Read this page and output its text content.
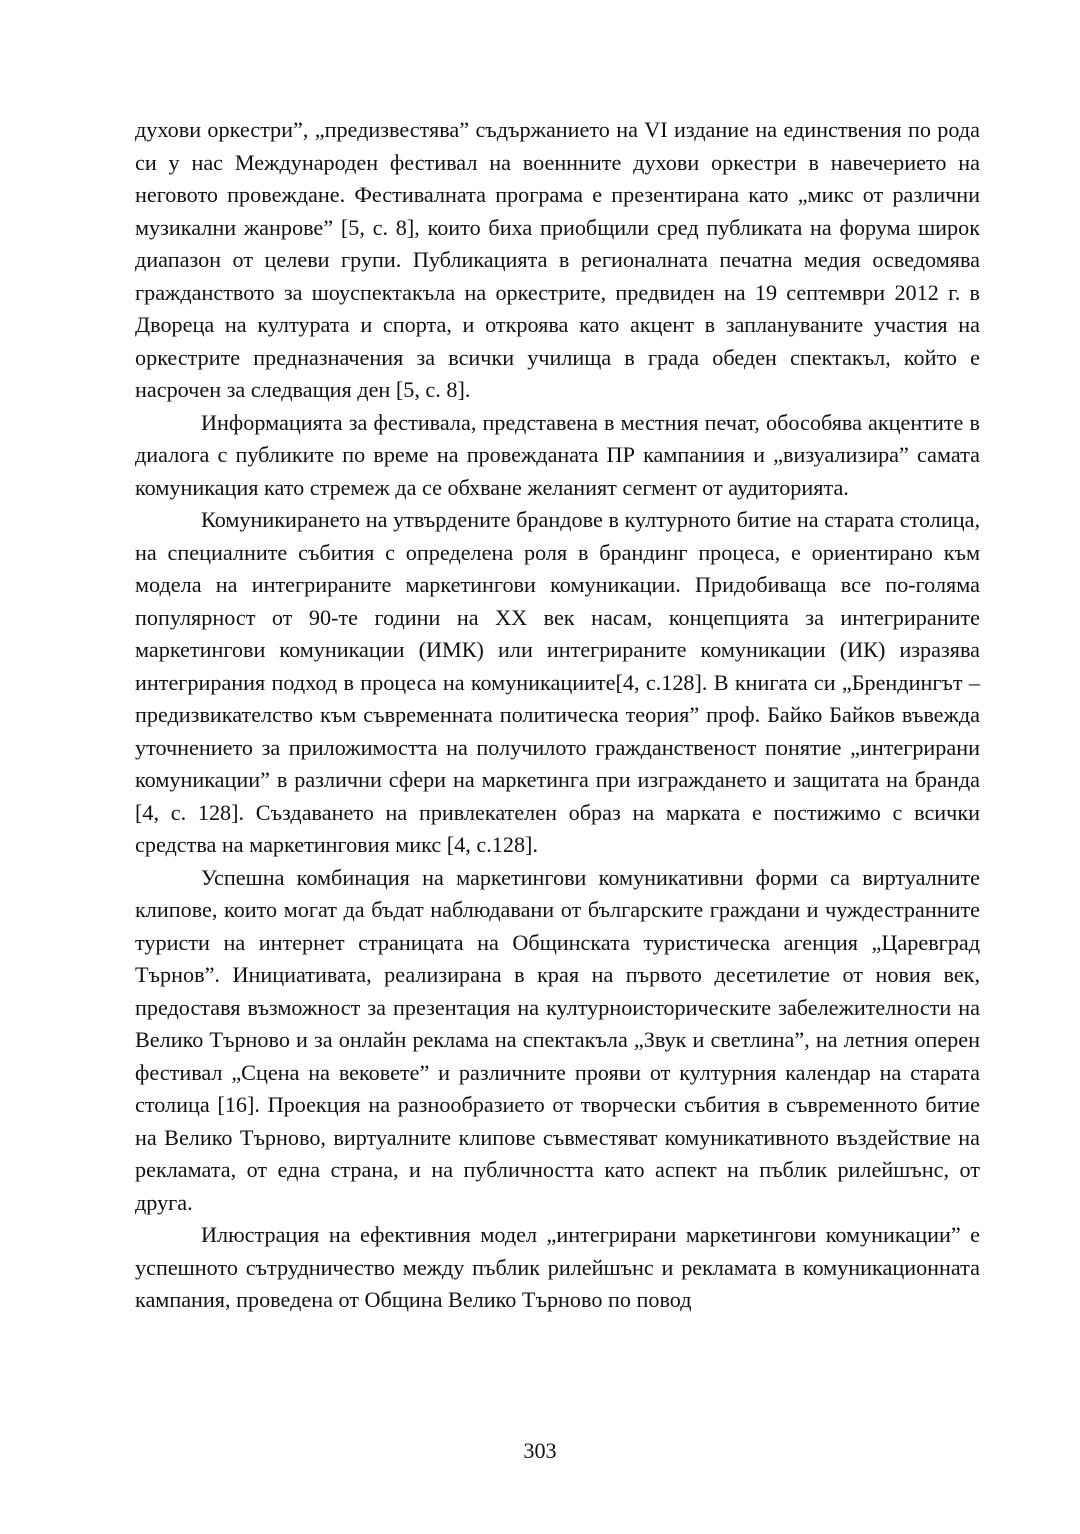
духови оркестри”, „предизвестява” съдържанието на VI издание на единствения по рода си у нас Международен фестивал на военнните духови оркестри в навечерието на неговото провеждане. Фестивалната програма е презентирана като „микс от различни музикални жанрове” [5, с. 8], които биха приобщили сред публиката на форума широк диапазон от целеви групи. Публикацията в регионалната печатна медия осведомява гражданството за шоуспектакъла на оркестрите, предвиден на 19 септември 2012 г. в Двореца на културата и спорта, и откроява като акцент в заплануваните участия на оркестрите предназначения за всички училища в града обеден спектакъл, който е насрочен за следващия ден [5, с. 8].

Информацията за фестивала, представена в местния печат, обособява акцентите в диалога с публиките по време на провежданата ПР кампаниия и „визуализира” самата комуникация като стремеж да се обхване желаният сегмент от аудиторията.

Комуникирането на утвърдените брандове в културното битие на старата столица, на специалните събития с определена роля в брандинг процеса, е ориентирано към модела на интегрираните маркетингови комуникации. Придобиваща все по-голяма популярност от 90-те години на XX век насам, концепцията за интегрираните маркетингови комуникации (ИМК) или интегрираните комуникации (ИК) изразява интегрирания подход в процеса на комуникациите[4, с.128]. В книгата си „Брендингът – предизвикателство към съвременната политическа теория” проф. Байко Байков въвежда уточнението за приложимостта на получилото гражданственост понятие „интегрирани комуникации” в различни сфери на маркетинга при изграждането и защитата на бранда [4, с. 128]. Създаването на привлекателен образ на марката е постижимо с всички средства на маркетинговия микс [4, с.128].

Успешна комбинация на маркетингови комуникативни форми са виртуалните клипове, които могат да бъдат наблюдавани от българските граждани и чуждестранните туристи на интернет страницата на Общинската туристическа агенция „Царевград Търнов”. Инициативата, реализирана в края на първото десетилетие от новия век, предоставя възможност за презентация на културноисторическите забележителности на Велико Търново и за онлайн реклама на спектакъла „Звук и светлина”, на летния оперен фестивал „Сцена на вековете” и различните прояви от културния календар на старата столица [16]. Проекция на разнообразието от творчески събития в съвременното битие на Велико Търново, виртуалните клипове съвместяват комуникативното въздействие на рекламата, от една страна, и на публичността като аспект на пъблик рилейшънс, от друга.

Илюстрация на ефективния модел „интегрирани маркетингови комуникации” е успешното сътрудничество между пъблик рилейшънс и рекламата в комуникационната кампания, проведена от Община Велико Търново по повод

303
